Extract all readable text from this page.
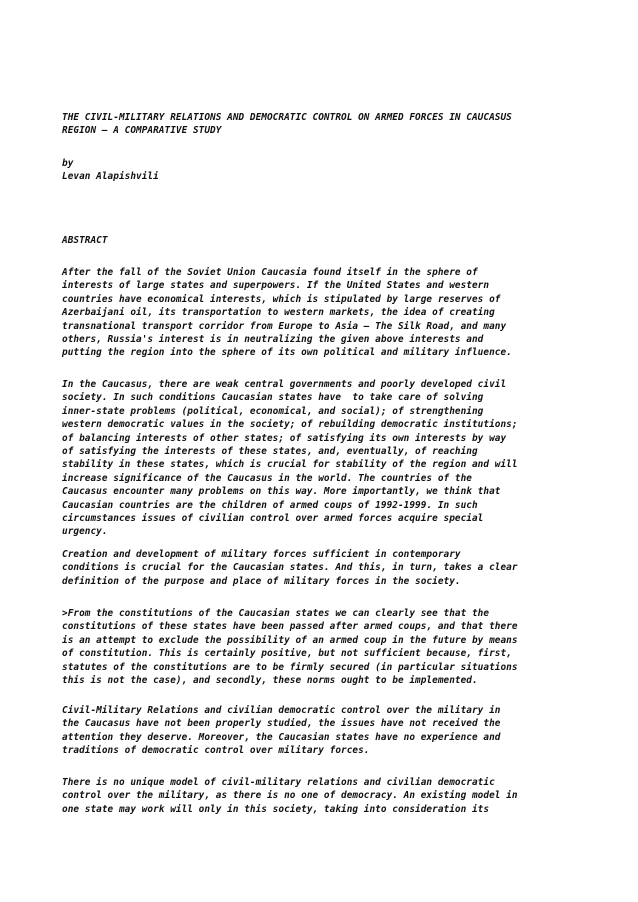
THE CIVIL-MILITARY RELATIONS AND DEMOCRATIC CONTROL ON ARMED FORCES IN CAUCASUS
REGION – A COMPARATIVE STUDY

by
Levan Alapishvili

ABSTRACT

After the fall of the Soviet Union Caucasia found itself in the sphere of
interests of large states and superpowers. If the United States and western
countries have economical interests, which is stipulated by large reserves of
Azerbaijani oil, its transportation to western markets, the idea of creating
transnational transport corridor from Europe to Asia – The Silk Road, and many
others, Russia's interest is in neutralizing the given above interests and
putting the region into the sphere of its own political and military influence.

In the Caucasus, there are weak central governments and poorly developed civil
society. In such conditions Caucasian states have  to take care of solving
inner-state problems (political, economical, and social); of strengthening
western democratic values in the society; of rebuilding democratic institutions;
of balancing interests of other states; of satisfying its own interests by way
of satisfying the interests of these states, and, eventually, of reaching
stability in these states, which is crucial for stability of the region and will
increase significance of the Caucasus in the world. The countries of the
Caucasus encounter many problems on this way. More importantly, we think that
Caucasian countries are the children of armed coups of 1992-1999. In such
circumstances issues of civilian control over armed forces acquire special
urgency.

Creation and development of military forces sufficient in contemporary
conditions is crucial for the Caucasian states. And this, in turn, takes a clear
definition of the purpose and place of military forces in the society.

>From the constitutions of the Caucasian states we can clearly see that the
constitutions of these states have been passed after armed coups, and that there
is an attempt to exclude the possibility of an armed coup in the future by means
of constitution. This is certainly positive, but not sufficient because, first,
statutes of the constitutions are to be firmly secured (in particular situations
this is not the case), and secondly, these norms ought to be implemented.

Civil-Military Relations and civilian democratic control over the military in
the Caucasus have not been properly studied, the issues have not received the
attention they deserve. Moreover, the Caucasian states have no experience and
traditions of democratic control over military forces.

There is no unique model of civil-military relations and civilian democratic
control over the military, as there is no one of democracy. An existing model in
one state may work will only in this society, taking into consideration its
